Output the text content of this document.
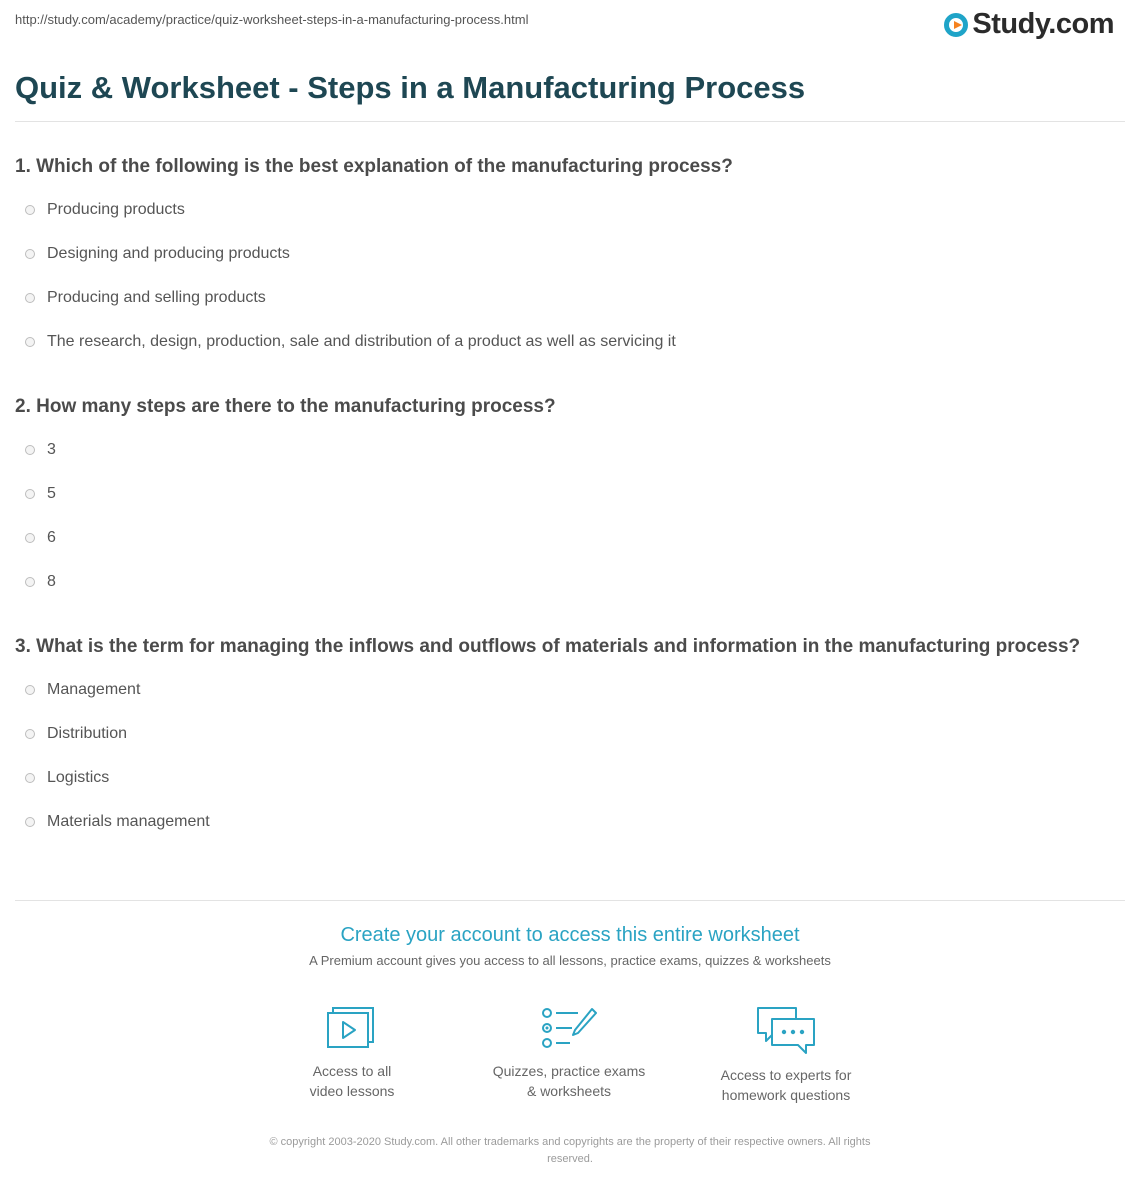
http://study.com/academy/practice/quiz-worksheet-steps-in-a-manufacturing-process.html	Study.com
Quiz & Worksheet - Steps in a Manufacturing Process

1. Which of the following is the best explanation of the manufacturing process?

Producing products
Designing and producing products
Producing and selling products
The research, design, production, sale and distribution of a product as well as servicing it

2. How many steps are there to the manufacturing process?

3
5
6
8

3. What is the term for managing the inflows and outflows of materials and information in the manufacturing process?

Management
Distribution
Logistics
Materials management

Create your account to access this entire worksheet

A Premium account gives you access to all lessons, practice exams, quizzes & worksheets

Access to all
video lessons
Quizzes, practice exams
& worksheets
Access to experts for
homework questions
© copyright 2003-2020 Study.com. All other trademarks and copyrights are the property of their respective owners. All rights
reserved.
